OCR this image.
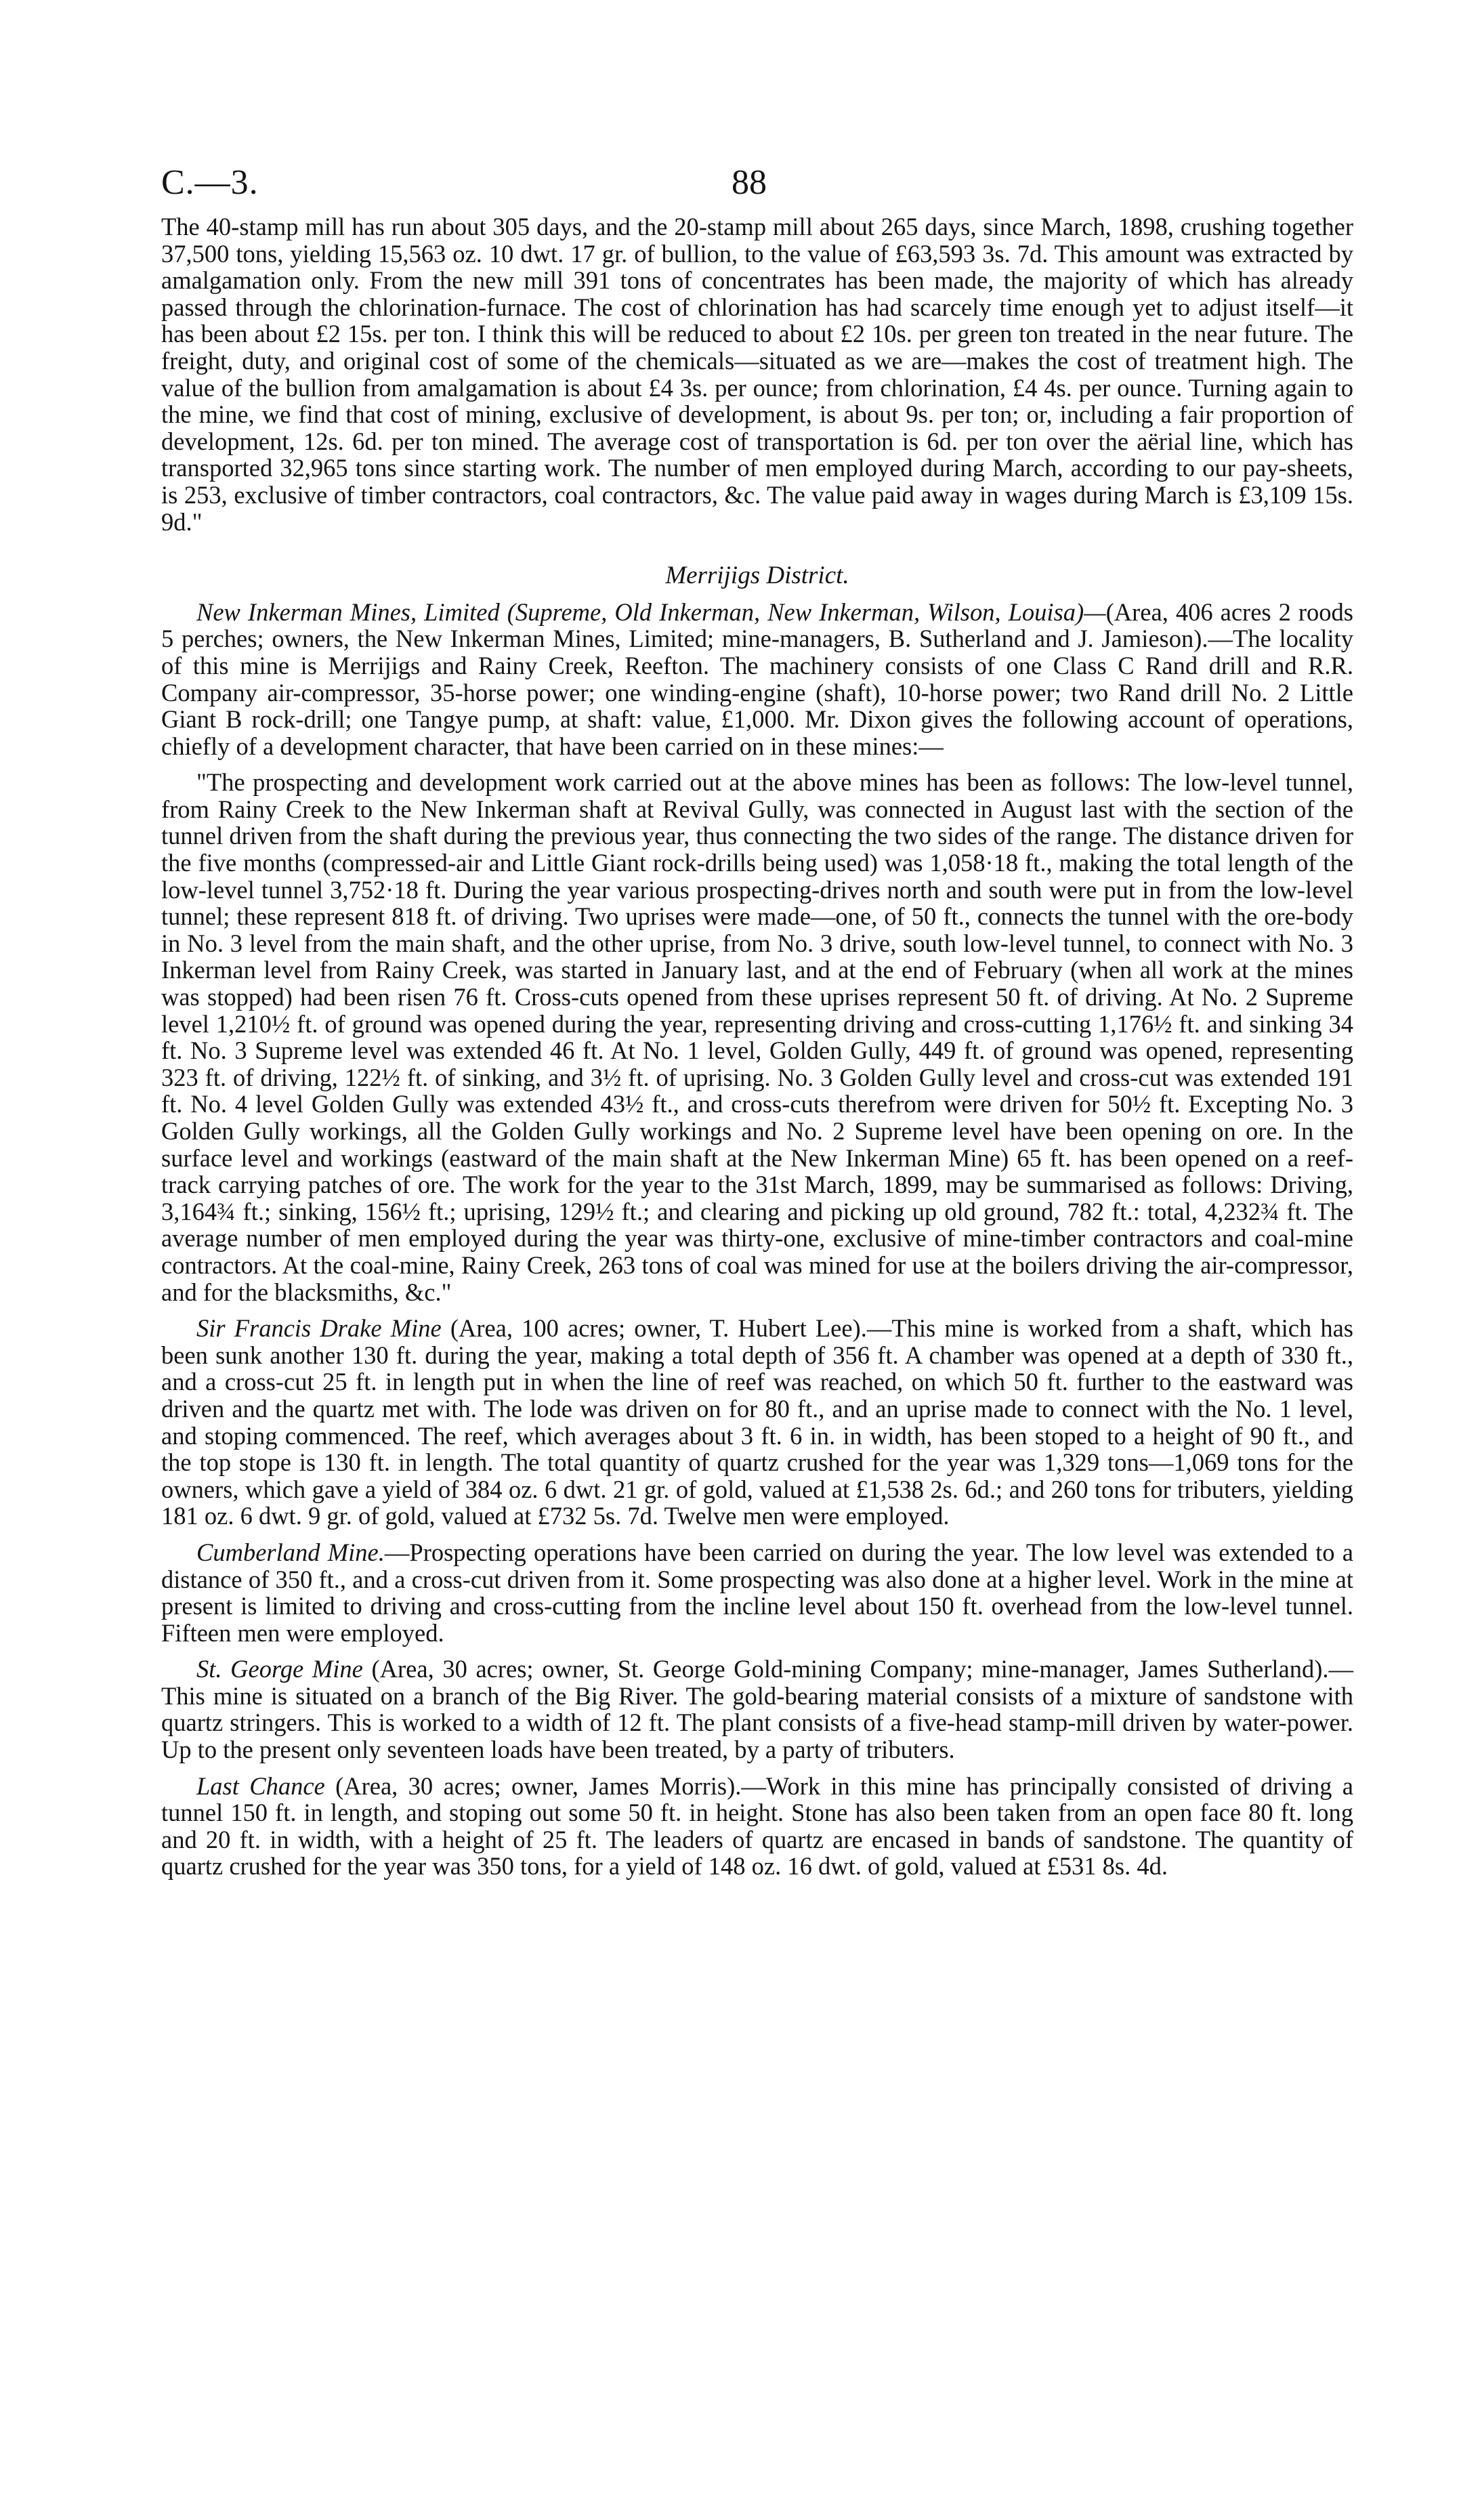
C.—3.	88

The 40-stamp mill has run about 305 days, and the 20-stamp mill about 265 days, since March, 1898, crushing together 37,500 tons, yielding 15,563 oz. 10 dwt. 17 gr. of bullion, to the value of £63,593 3s. 7d. This amount was extracted by amalgamation only. From the new mill 391 tons of concentrates has been made, the majority of which has already passed through the chlorination-furnace. The cost of chlorination has had scarcely time enough yet to adjust itself—it has been about £2 15s. per ton. I think this will be reduced to about £2 10s. per green ton treated in the near future. The freight, duty, and original cost of some of the chemicals—situated as we are—makes the cost of treatment high. The value of the bullion from amalgamation is about £4 3s. per ounce; from chlorination, £4 4s. per ounce. Turning again to the mine, we find that cost of mining, exclusive of development, is about 9s. per ton; or, including a fair proportion of development, 12s. 6d. per ton mined. The average cost of transportation is 6d. per ton over the aërial line, which has transported 32,965 tons since starting work. The number of men employed during March, according to our pay-sheets, is 253, exclusive of timber contractors, coal contractors, &c. The value paid away in wages during March is £3,109 15s. 9d."

Merrijigs District.

New Inkerman Mines, Limited (Supreme, Old Inkerman, New Inkerman, Wilson, Louisa)—(Area, 406 acres 2 roods 5 perches; owners, the New Inkerman Mines, Limited; mine-managers, B. Sutherland and J. Jamieson).—The locality of this mine is Merrijigs and Rainy Creek, Reefton. The machinery consists of one Class C Rand drill and R.R. Company air-compressor, 35-horse power; one winding-engine (shaft), 10-horse power; two Rand drill No. 2 Little Giant B rock-drill; one Tangye pump, at shaft: value, £1,000. Mr. Dixon gives the following account of operations, chiefly of a development character, that have been carried on in these mines:—

"The prospecting and development work carried out at the above mines has been as follows: The low-level tunnel, from Rainy Creek to the New Inkerman shaft at Revival Gully, was connected in August last with the section of the tunnel driven from the shaft during the previous year, thus connecting the two sides of the range. The distance driven for the five months (compressed-air and Little Giant rock-drills being used) was 1,058·18 ft., making the total length of the low-level tunnel 3,752·18 ft. During the year various prospecting-drives north and south were put in from the low-level tunnel; these represent 818 ft. of driving. Two uprises were made—one, of 50 ft., connects the tunnel with the ore-body in No. 3 level from the main shaft, and the other uprise, from No. 3 drive, south low-level tunnel, to connect with No. 3 Inkerman level from Rainy Creek, was started in January last, and at the end of February (when all work at the mines was stopped) had been risen 76 ft. Cross-cuts opened from these uprises represent 50 ft. of driving. At No. 2 Supreme level 1,210½ ft. of ground was opened during the year, representing driving and cross-cutting 1,176½ ft. and sinking 34 ft. No. 3 Supreme level was extended 46 ft. At No. 1 level, Golden Gully, 449 ft. of ground was opened, representing 323 ft. of driving, 122½ ft. of sinking, and 3½ ft. of uprising. No. 3 Golden Gully level and cross-cut was extended 191 ft. No. 4 level Golden Gully was extended 43½ ft., and cross-cuts therefrom were driven for 50½ ft. Excepting No. 3 Golden Gully workings, all the Golden Gully workings and No. 2 Supreme level have been opening on ore. In the surface level and workings (eastward of the main shaft at the New Inkerman Mine) 65 ft. has been opened on a reef-track carrying patches of ore. The work for the year to the 31st March, 1899, may be summarised as follows: Driving, 3,164¾ ft.; sinking, 156½ ft.; uprising, 129½ ft.; and clearing and picking up old ground, 782 ft.: total, 4,232¾ ft. The average number of men employed during the year was thirty-one, exclusive of mine-timber contractors and coal-mine contractors. At the coal-mine, Rainy Creek, 263 tons of coal was mined for use at the boilers driving the air-compressor, and for the blacksmiths, &c."

Sir Francis Drake Mine (Area, 100 acres; owner, T. Hubert Lee).—This mine is worked from a shaft, which has been sunk another 130 ft. during the year, making a total depth of 356 ft. A chamber was opened at a depth of 330 ft., and a cross-cut 25 ft. in length put in when the line of reef was reached, on which 50 ft. further to the eastward was driven and the quartz met with. The lode was driven on for 80 ft., and an uprise made to connect with the No. 1 level, and stoping commenced. The reef, which averages about 3 ft. 6 in. in width, has been stoped to a height of 90 ft., and the top stope is 130 ft. in length. The total quantity of quartz crushed for the year was 1,329 tons—1,069 tons for the owners, which gave a yield of 384 oz. 6 dwt. 21 gr. of gold, valued at £1,538 2s. 6d.; and 260 tons for tributers, yielding 181 oz. 6 dwt. 9 gr. of gold, valued at £732 5s. 7d. Twelve men were employed.

Cumberland Mine.—Prospecting operations have been carried on during the year. The low level was extended to a distance of 350 ft., and a cross-cut driven from it. Some prospecting was also done at a higher level. Work in the mine at present is limited to driving and cross-cutting from the incline level about 150 ft. overhead from the low-level tunnel. Fifteen men were employed.

St. George Mine (Area, 30 acres; owner, St. George Gold-mining Company; mine-manager, James Sutherland).—This mine is situated on a branch of the Big River. The gold-bearing material consists of a mixture of sandstone with quartz stringers. This is worked to a width of 12 ft. The plant consists of a five-head stamp-mill driven by water-power. Up to the present only seventeen loads have been treated, by a party of tributers.

Last Chance (Area, 30 acres; owner, James Morris).—Work in this mine has principally consisted of driving a tunnel 150 ft. in length, and stoping out some 50 ft. in height. Stone has also been taken from an open face 80 ft. long and 20 ft. in width, with a height of 25 ft. The leaders of quartz are encased in bands of sandstone. The quantity of quartz crushed for the year was 350 tons, for a yield of 148 oz. 16 dwt. of gold, valued at £531 8s. 4d.
